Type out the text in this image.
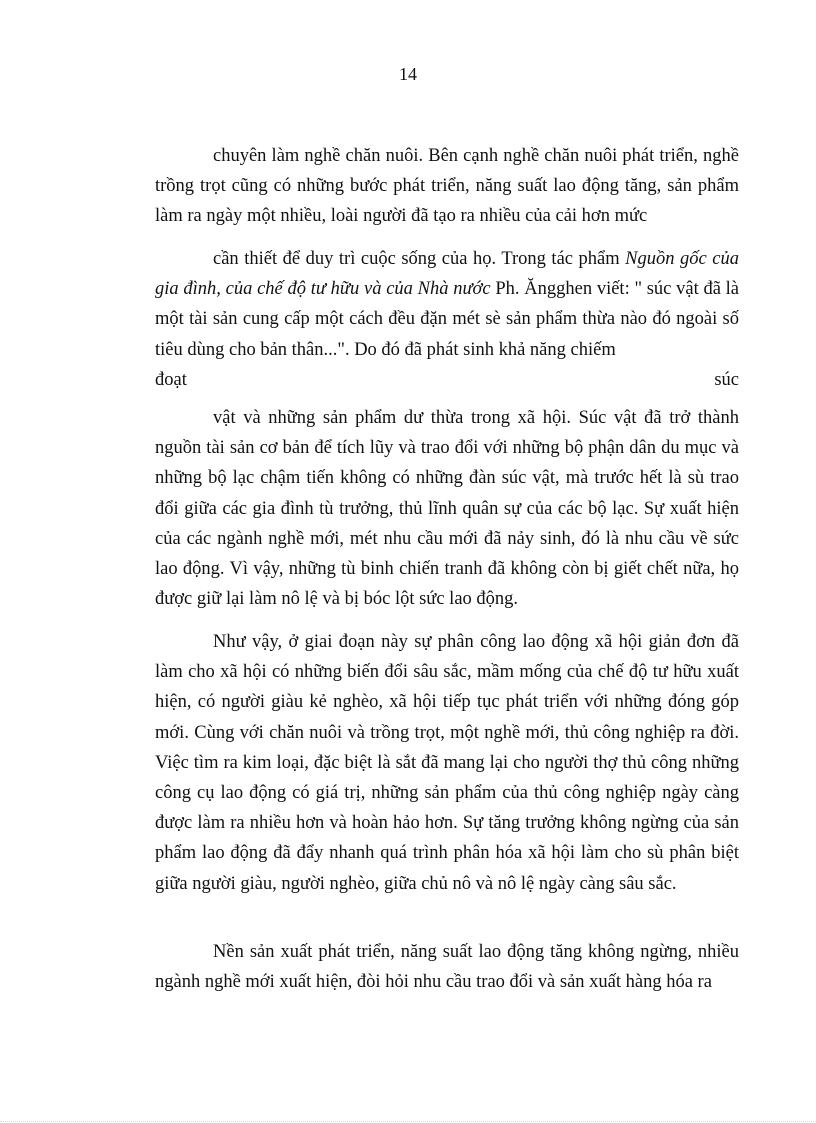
14

chuyên làm nghề chăn nuôi. Bên cạnh nghề chăn nuôi phát triển, nghề trồng trọt cũng có những bước phát triển, năng suất lao động tăng, sản phẩm làm ra ngày một nhiều, loài người đã tạo ra nhiều của cải hơn mức

cần thiết để duy trì cuộc sống của họ. Trong tác phẩm Nguồn gốc của gia đình, của chế độ tư hữu và của Nhà nước Ph. Ăngghen viết: " súc vật đã là một tài sản cung cấp một cách đều đặn mét sè sản phẩm thừa nào đó ngoài số tiêu dùng cho bản thân...". Do đó đã phát sinh khả năng chiếm

đoạt	súc

vật và những sản phẩm dư thừa trong xã hội. Súc vật đã trở thành nguồn tài sản cơ bản để tích lũy và trao đổi với những bộ phận dân du mục và những bộ lạc chậm tiến không có những đàn súc vật, mà trước hết là sù trao đổi giữa các gia đình tù trưởng, thủ lĩnh quân sự của các bộ lạc. Sự xuất hiện của các ngành nghề mới, mét nhu cầu mới đã nảy sinh, đó là nhu cầu về sức lao động. Vì vậy, những tù binh chiến tranh đã không còn bị giết chết nữa, họ được giữ lại làm nô lệ và bị bóc lột sức lao động.

Như vậy, ở giai đoạn này sự phân công lao động xã hội giản đơn đã làm cho xã hội có những biến đổi sâu sắc, mầm mống của chế độ tư hữu xuất hiện, có người giàu kẻ nghèo, xã hội tiếp tục phát triển với những đóng góp mới. Cùng với chăn nuôi và trồng trọt, một nghề mới, thủ công nghiệp ra đời. Việc tìm ra kim loại, đặc biệt là sắt đã mang lại cho người thợ thủ công những công cụ lao động có giá trị, những sản phẩm của thủ công nghiệp ngày càng được làm ra nhiều hơn và hoàn hảo hơn. Sự tăng trưởng không ngừng của sản phẩm lao động đã đẩy nhanh quá trình phân hóa xã hội làm cho sù phân biệt giữa người giàu, người nghèo, giữa chủ nô và nô lệ ngày càng sâu sắc.

Nền sản xuất phát triển, năng suất lao động tăng không ngừng, nhiều ngành nghề mới xuất hiện, đòi hỏi nhu cầu trao đổi và sản xuất hàng hóa ra
